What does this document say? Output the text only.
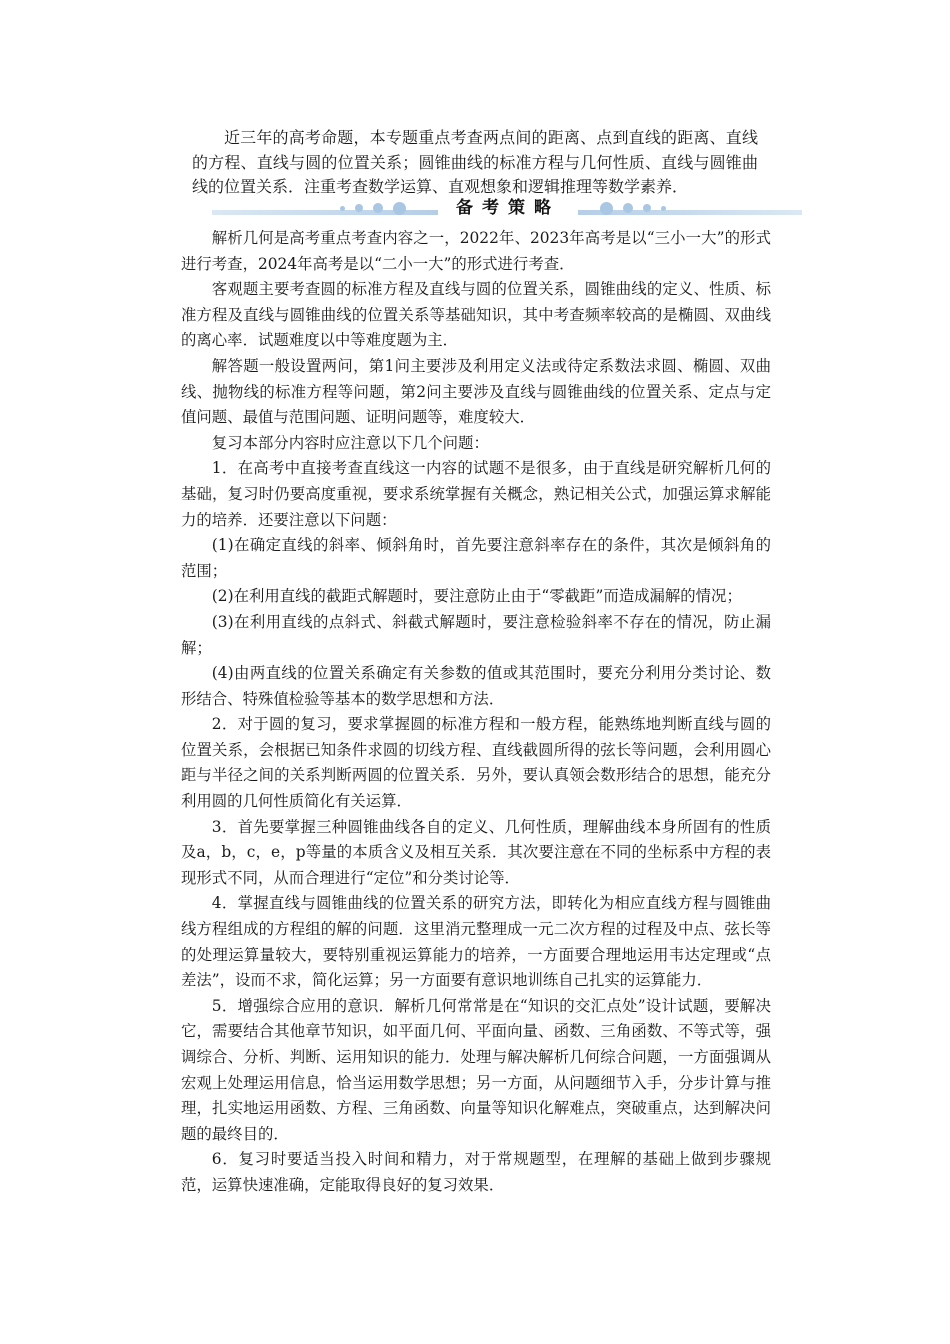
近三年的高考命题，本专题重点考查两点间的距离、点到直线的距离、直线的方程、直线与圆的位置关系；圆锥曲线的标准方程与几何性质、直线与圆锥曲线的位置关系．注重考查数学运算、直观想象和逻辑推理等数学素养．

备考策略

解析几何是高考重点考查内容之一，2022年、2023年高考是以“三小一大”的形式进行考查，2024年高考是以“二小一大”的形式进行考查．

客观题主要考查圆的标准方程及直线与圆的位置关系，圆锥曲线的定义、性质、标准方程及直线与圆锥曲线的位置关系等基础知识，其中考查频率较高的是椭圆、双曲线的离心率．试题难度以中等难度题为主．

解答题一般设置两问，第1问主要涉及利用定义法或待定系数法求圆、椭圆、双曲线、抛物线的标准方程等问题，第2问主要涉及直线与圆锥曲线的位置关系、定点与定值问题、最值与范围问题、证明问题等，难度较大．

复习本部分内容时应注意以下几个问题：

1．在高考中直接考查直线这一内容的试题不是很多，由于直线是研究解析几何的基础，复习时仍要高度重视，要求系统掌握有关概念，熟记相关公式，加强运算求解能力的培养．还要注意以下问题：

(1)在确定直线的斜率、倾斜角时，首先要注意斜率存在的条件，其次是倾斜角的范围；

(2)在利用直线的截距式解题时，要注意防止由于“零截距”而造成漏解的情况；

(3)在利用直线的点斜式、斜截式解题时，要注意检验斜率不存在的情况，防止漏解；

(4)由两直线的位置关系确定有关参数的值或其范围时，要充分利用分类讨论、数形结合、特殊值检验等基本的数学思想和方法．

2．对于圆的复习，要求掌握圆的标准方程和一般方程，能熟练地判断直线与圆的位置关系，会根据已知条件求圆的切线方程、直线截圆所得的弦长等问题，会利用圆心距与半径之间的关系判断两圆的位置关系．另外，要认真领会数形结合的思想，能充分利用圆的几何性质简化有关运算．

3．首先要掌握三种圆锥曲线各自的定义、几何性质，理解曲线本身所固有的性质及a，b，c，e，p等量的本质含义及相互关系．其次要注意在不同的坐标系中方程的表现形式不同，从而合理进行“定位”和分类讨论等．

4．掌握直线与圆锥曲线的位置关系的研究方法，即转化为相应直线方程与圆锥曲线方程组成的方程组的解的问题．这里消元整理成一元二次方程的过程及中点、弦长等的处理运算量较大，要特别重视运算能力的培养，一方面要合理地运用韦达定理或“点差法”，设而不求，简化运算；另一方面要有意识地训练自己扎实的运算能力．

5．增强综合应用的意识．解析几何常常是在“知识的交汇点处”设计试题，要解决它，需要结合其他章节知识，如平面几何、平面向量、函数、三角函数、不等式等，强调综合、分析、判断、运用知识的能力．处理与解决解析几何综合问题，一方面强调从宏观上处理运用信息，恰当运用数学思想；另一方面，从问题细节入手，分步计算与推理，扎实地运用函数、方程、三角函数、向量等知识化解难点，突破重点，达到解决问题的最终目的．

6．复习时要适当投入时间和精力，对于常规题型，在理解的基础上做到步骤规范，运算快速准确，定能取得良好的复习效果．
